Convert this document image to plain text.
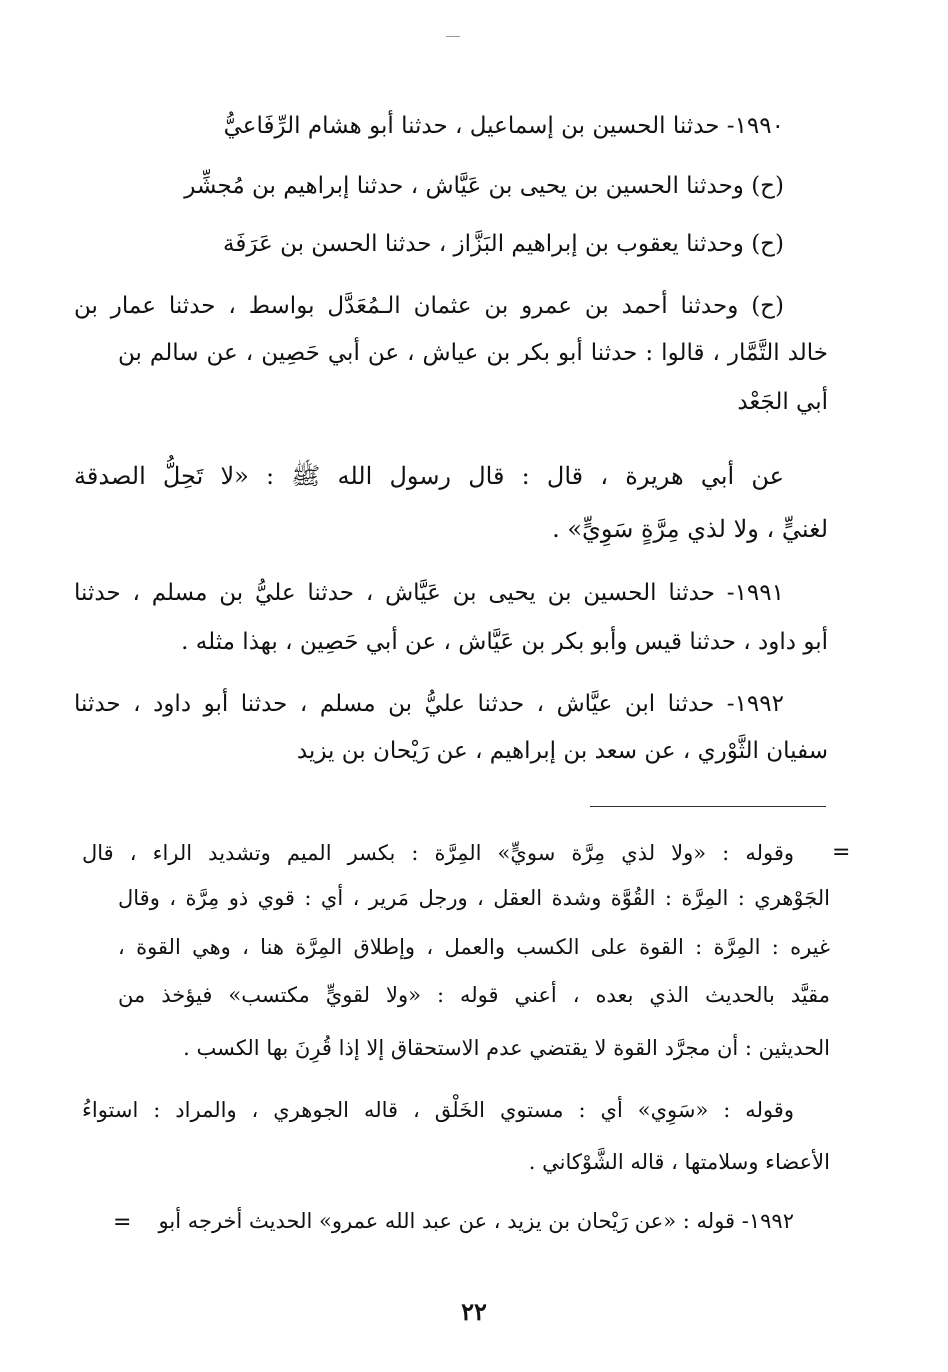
١٩٩٠- حدثنا الحسين بن إسماعيل ، حدثنا أبو هشام الرِّفَاعيُّ
(ح) وحدثنا الحسين بن يحيى بن عَيَّاش ، حدثنا إبراهيم بن مُجشِّر
(ح) وحدثنا يعقوب بن إبراهيم البَزَّاز ، حدثنا الحسن بن عَرَفَة
(ح) وحدثنا أحمد بن عمرو بن عثمان الـمُعَدَّل بواسط ، حدثنا عمار بن
خالد التَّمَّار ، قالوا : حدثنا أبو بكر بن عياش ، عن أبي حَصِين ، عن سالم بن
أبي الجَعْد
عن أبي هريرة ، قال : قال رسول الله ﷺ : «لا تَحِلُّ الصدقة
لغنيٍّ ، ولا لذي مِرَّةٍ سَوِيٍّ» .
١٩٩١- حدثنا الحسين بن يحيى بن عَيَّاش ، حدثنا عليُّ بن مسلم ، حدثنا
أبو داود ، حدثنا قيس وأبو بكر بن عَيَّاش ، عن أبي حَصِين ، بهذا مثله .
١٩٩٢- حدثنا ابن عيَّاش ، حدثنا عليُّ بن مسلم ، حدثنا أبو داود ، حدثنا
سفيان الثَّوْري ، عن سعد بن إبراهيم ، عن رَيْحان بن يزيد
=
وقوله : «ولا لذي مِرَّة سويٍّ» المِرَّة : بكسر الميم وتشديد الراء ، قال
الجَوْهري : المِرَّة : القُوَّة وشدة العقل ، ورجل مَرير ، أي : قوي ذو مِرَّة ، وقال
غيره : المِرَّة : القوة على الكسب والعمل ، وإطلاق المِرَّة هنا ، وهي القوة ،
مقيَّد بالحديث الذي بعده ، أعني قوله : «ولا لقويٍّ مكتسب» فيؤخذ من
الحديثين : أن مجرَّد القوة لا يقتضي عدم الاستحقاق إلا إذا قُرِنَ بها الكسب .
وقوله : «سَوِي» أي : مستوي الخَلْق ، قاله الجوهري ، والمراد : استواءُ
الأعضاء وسلامتها ، قاله الشَّوْكاني .
١٩٩٢- قوله : «عن رَيْحان بن يزيد ، عن عبد الله عمرو» الحديث أخرجه أبو
=
٢٢
